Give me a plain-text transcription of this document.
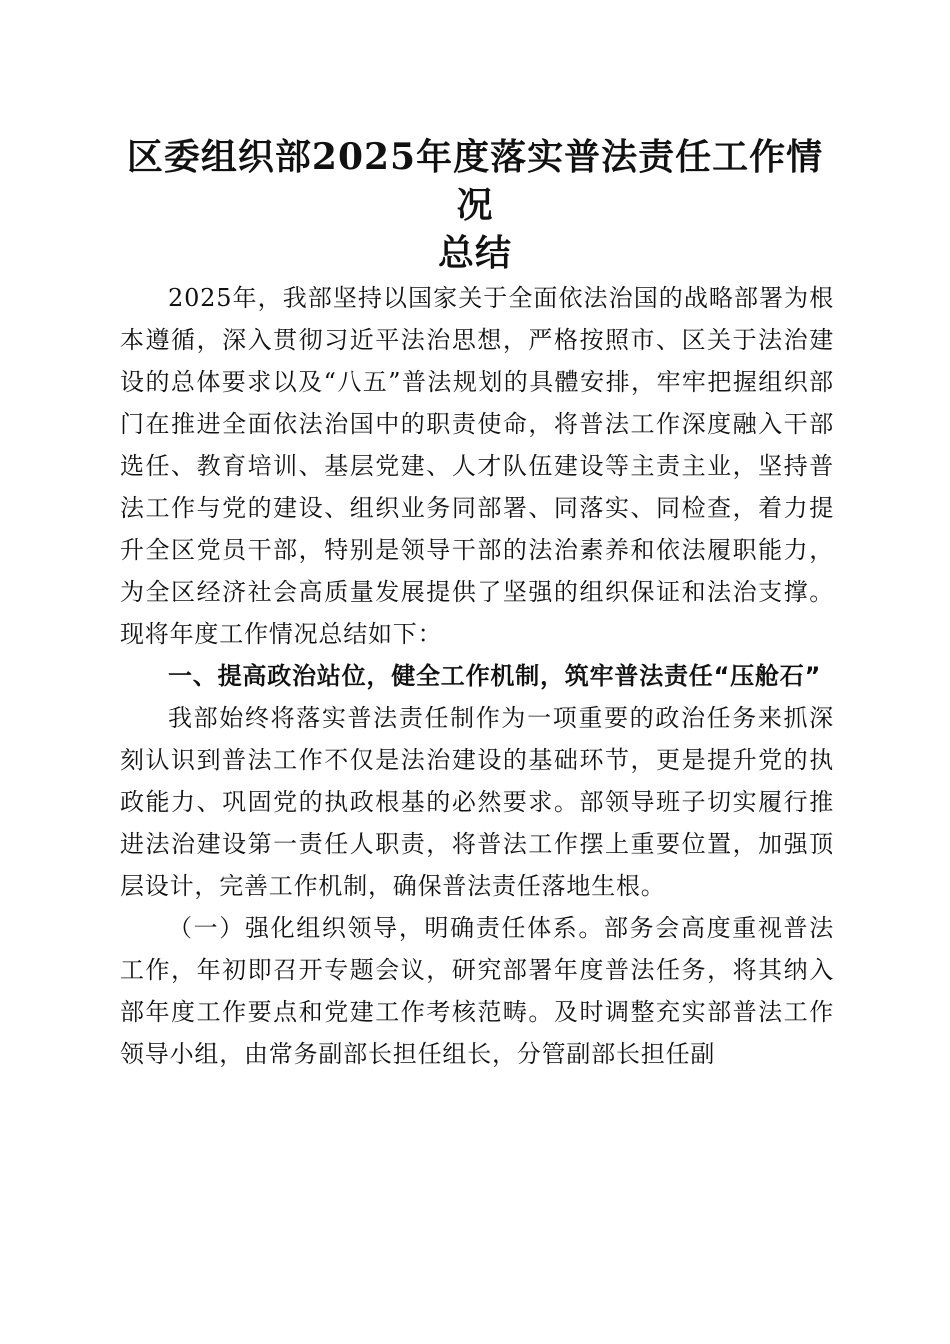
区委组织部2025年度落实普法责任工作情况
总结

2025年，我部坚持以国家关于全面依法治国的战略部署为根本遵循，深入贯彻习近平法治思想，严格按照市、区关于法治建设的总体要求以及“八五”普法规划的具體安排，牢牢把握组织部门在推进全面依法治国中的职责使命，将普法工作深度融入干部选任、教育培训、基层党建、人才队伍建设等主责主业，坚持普法工作与党的建设、组织业务同部署、同落实、同检查，着力提升全区党员干部，特别是领导干部的法治素养和依法履职能力，为全区经济社会高质量发展提供了坚强的组织保证和法治支撑。现将年度工作情况总结如下：

一、提高政治站位，健全工作机制，筑牢普法责任“压舱石”

我部始终将落实普法责任制作为一项重要的政治任务来抓深刻认识到普法工作不仅是法治建设的基础环节，更是提升党的执政能力、巩固党的执政根基的必然要求。部领导班子切实履行推进法治建设第一责任人职责，将普法工作摆上重要位置，加强顶层设计，完善工作机制，确保普法责任落地生根。

（一）强化组织领导，明确责任体系。部务会高度重视普法工作，年初即召开专题会议，研究部署年度普法任务，将其纳入部年度工作要点和党建工作考核范畴。及时调整充实部普法工作领导小组，由常务副部长担任组长，分管副部长担任副
